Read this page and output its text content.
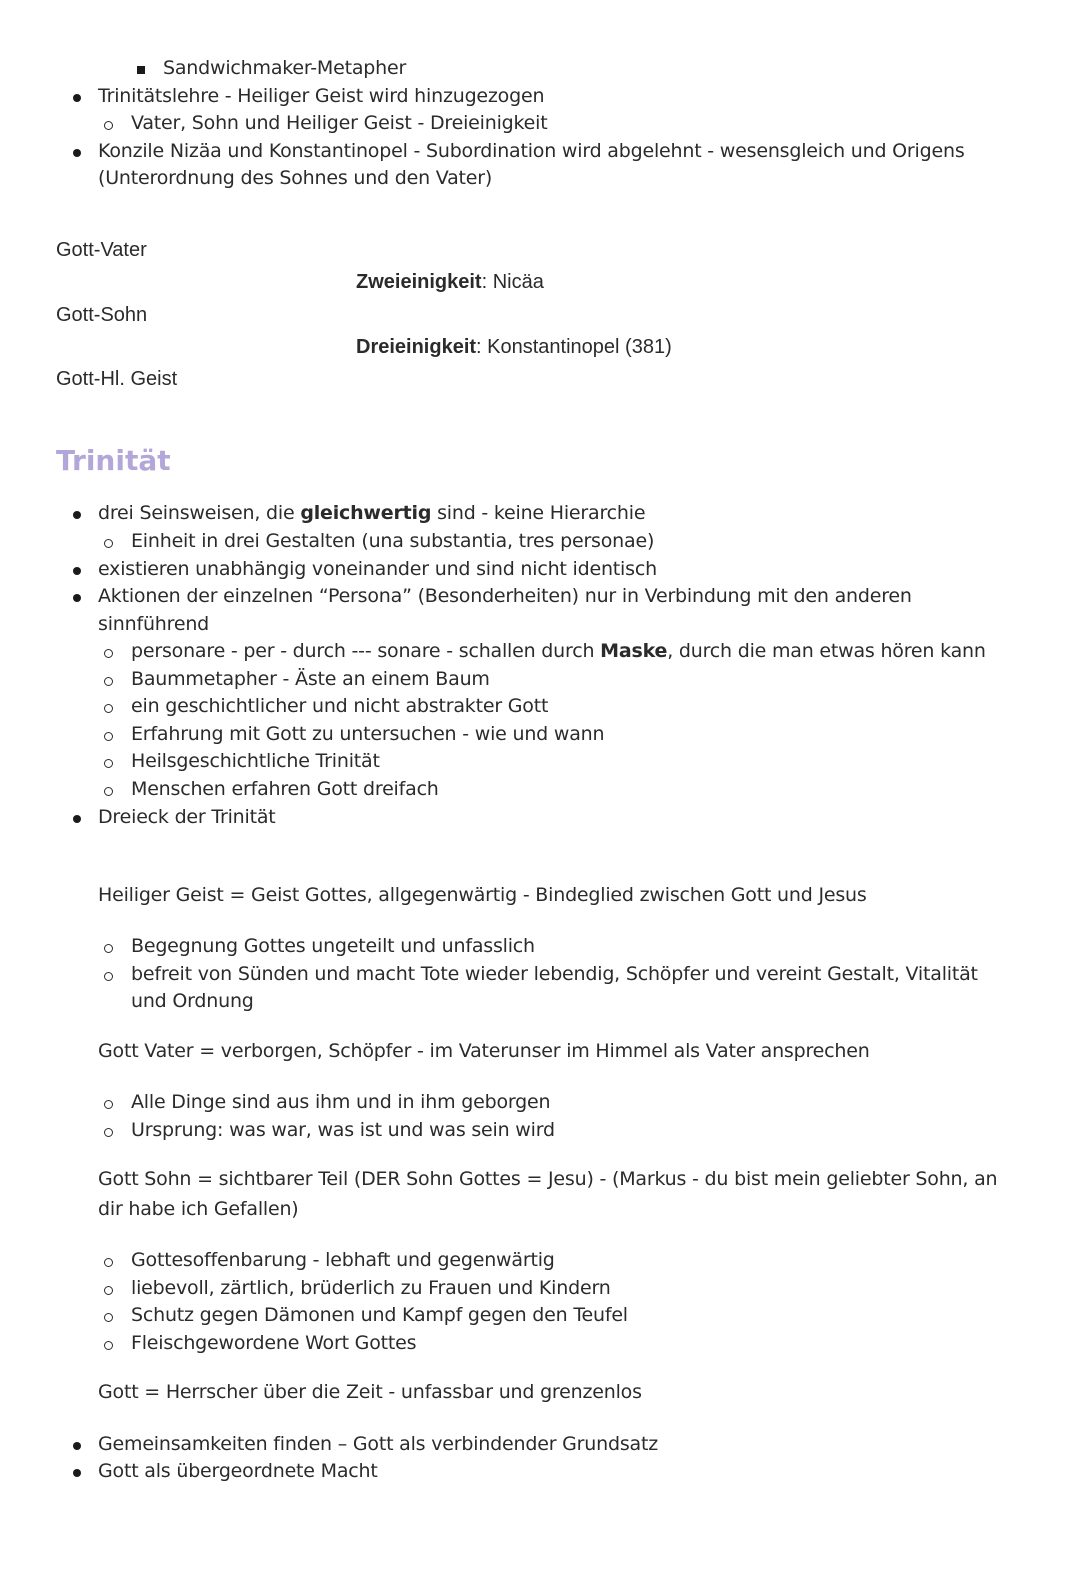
Sandwichmaker-Metapher
Trinitätslehre - Heiliger Geist wird hinzugezogen
Vater, Sohn und Heiliger Geist - Dreieinigkeit
Konzile Nizäa und Konstantinopel - Subordination wird abgelehnt - wesensgleich und Origens
(Unterordnung des Sohnes und den Vater)
Gott-Vater
Gott-Sohn
Gott-Hl. Geist
Zweieinigkeit: Nicäa
Dreieinigkeit: Konstantinopel (381)
Trinität
drei Seinsweisen, die gleichwertig sind - keine Hierarchie
Einheit in drei Gestalten (una substantia, tres personae)
existieren unabhängig voneinander und sind nicht identisch
Aktionen der einzelnen “Persona” (Besonderheiten) nur in Verbindung mit den anderen
sinnführend
personare - per - durch --- sonare - schallen durch Maske, durch die man etwas hören kann
Baummetapher - Äste an einem Baum
ein geschichtlicher und nicht abstrakter Gott
Erfahrung mit Gott zu untersuchen - wie und wann
Heilsgeschichtliche Trinität
Menschen erfahren Gott dreifach
Dreieck der Trinität
Heiliger Geist = Geist Gottes, allgegenwärtig - Bindeglied zwischen Gott und Jesus
Begegnung Gottes ungeteilt und unfasslich
befreit von Sünden und macht Tote wieder lebendig, Schöpfer und vereint Gestalt, Vitalität
und Ordnung
Gott Vater = verborgen, Schöpfer - im Vaterunser im Himmel als Vater ansprechen
Alle Dinge sind aus ihm und in ihm geborgen
Ursprung: was war, was ist und was sein wird
Gott Sohn = sichtbarer Teil (DER Sohn Gottes = Jesu) - (Markus - du bist mein geliebter Sohn, an
dir habe ich Gefallen)
Gottesoffenbarung - lebhaft und gegenwärtig
liebevoll, zärtlich, brüderlich zu Frauen und Kindern
Schutz gegen Dämonen und Kampf gegen den Teufel
Fleischgewordene Wort Gottes
Gott = Herrscher über die Zeit - unfassbar und grenzenlos
Gemeinsamkeiten finden – Gott als verbindender Grundsatz
Gott als übergeordnete Macht
